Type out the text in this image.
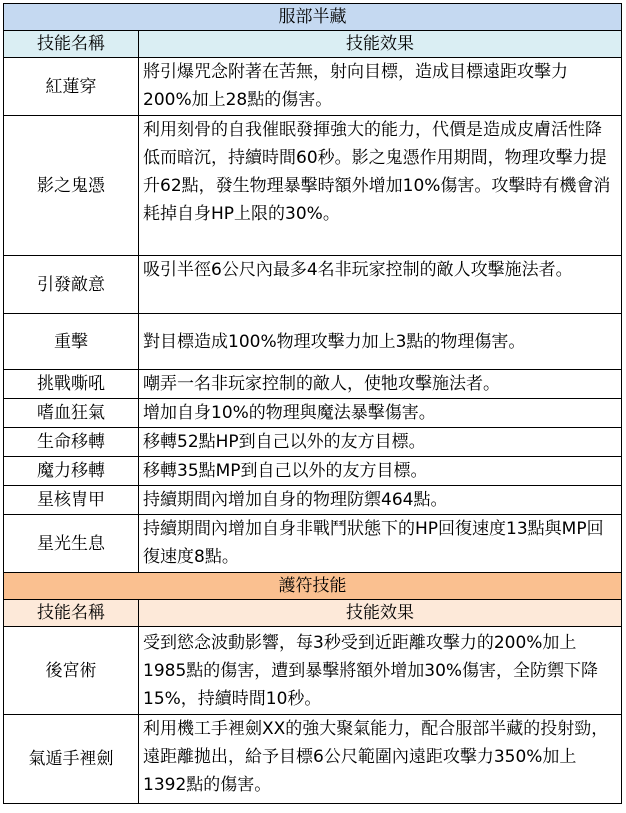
服部半藏	
技能名稱	技能效果
紅蓮穿	將引爆咒念附著在苦無，射向目標，造成目標遠距攻擊力200%加上28點的傷害。
影之鬼憑	利用刻骨的自我催眠發揮強大的能力，代價是造成皮膚活性降低而暗沉，持續時間60秒。影之鬼憑作用期間，物理攻擊力提升62點，發生物理暴擊時額外增加10%傷害。攻擊時有機會消耗掉自身HP上限的30%。
引發敵意	吸引半徑6公尺內最多4名非玩家控制的敵人攻擊施法者。
重擊	對目標造成100%物理攻擊力加上3點的物理傷害。
挑戰嘶吼	嘲弄一名非玩家控制的敵人，使牠攻擊施法者。
嗜血狂氣	增加自身10%的物理與魔法暴擊傷害。
生命移轉	移轉52點HP到自己以外的友方目標。
魔力移轉	移轉35點MP到自己以外的友方目標。
星核冑甲	持續期間內增加自身的物理防禦464點。
星光生息	持續期間內增加自身非戰鬥狀態下的HP回復速度13點與MP回復速度8點。
護符技能	
技能名稱	技能效果
後宮術	受到慾念波動影響，每3秒受到近距離攻擊力的200%加上1985點的傷害，遭到暴擊將額外增加30%傷害，全防禦下降15%，持續時間10秒。
氣遁手裡劍	利用機工手裡劍XX的強大聚氣能力，配合服部半藏的投射勁，遠距離拋出，給予目標6公尺範圍內遠距攻擊力350%加上1392點的傷害。
